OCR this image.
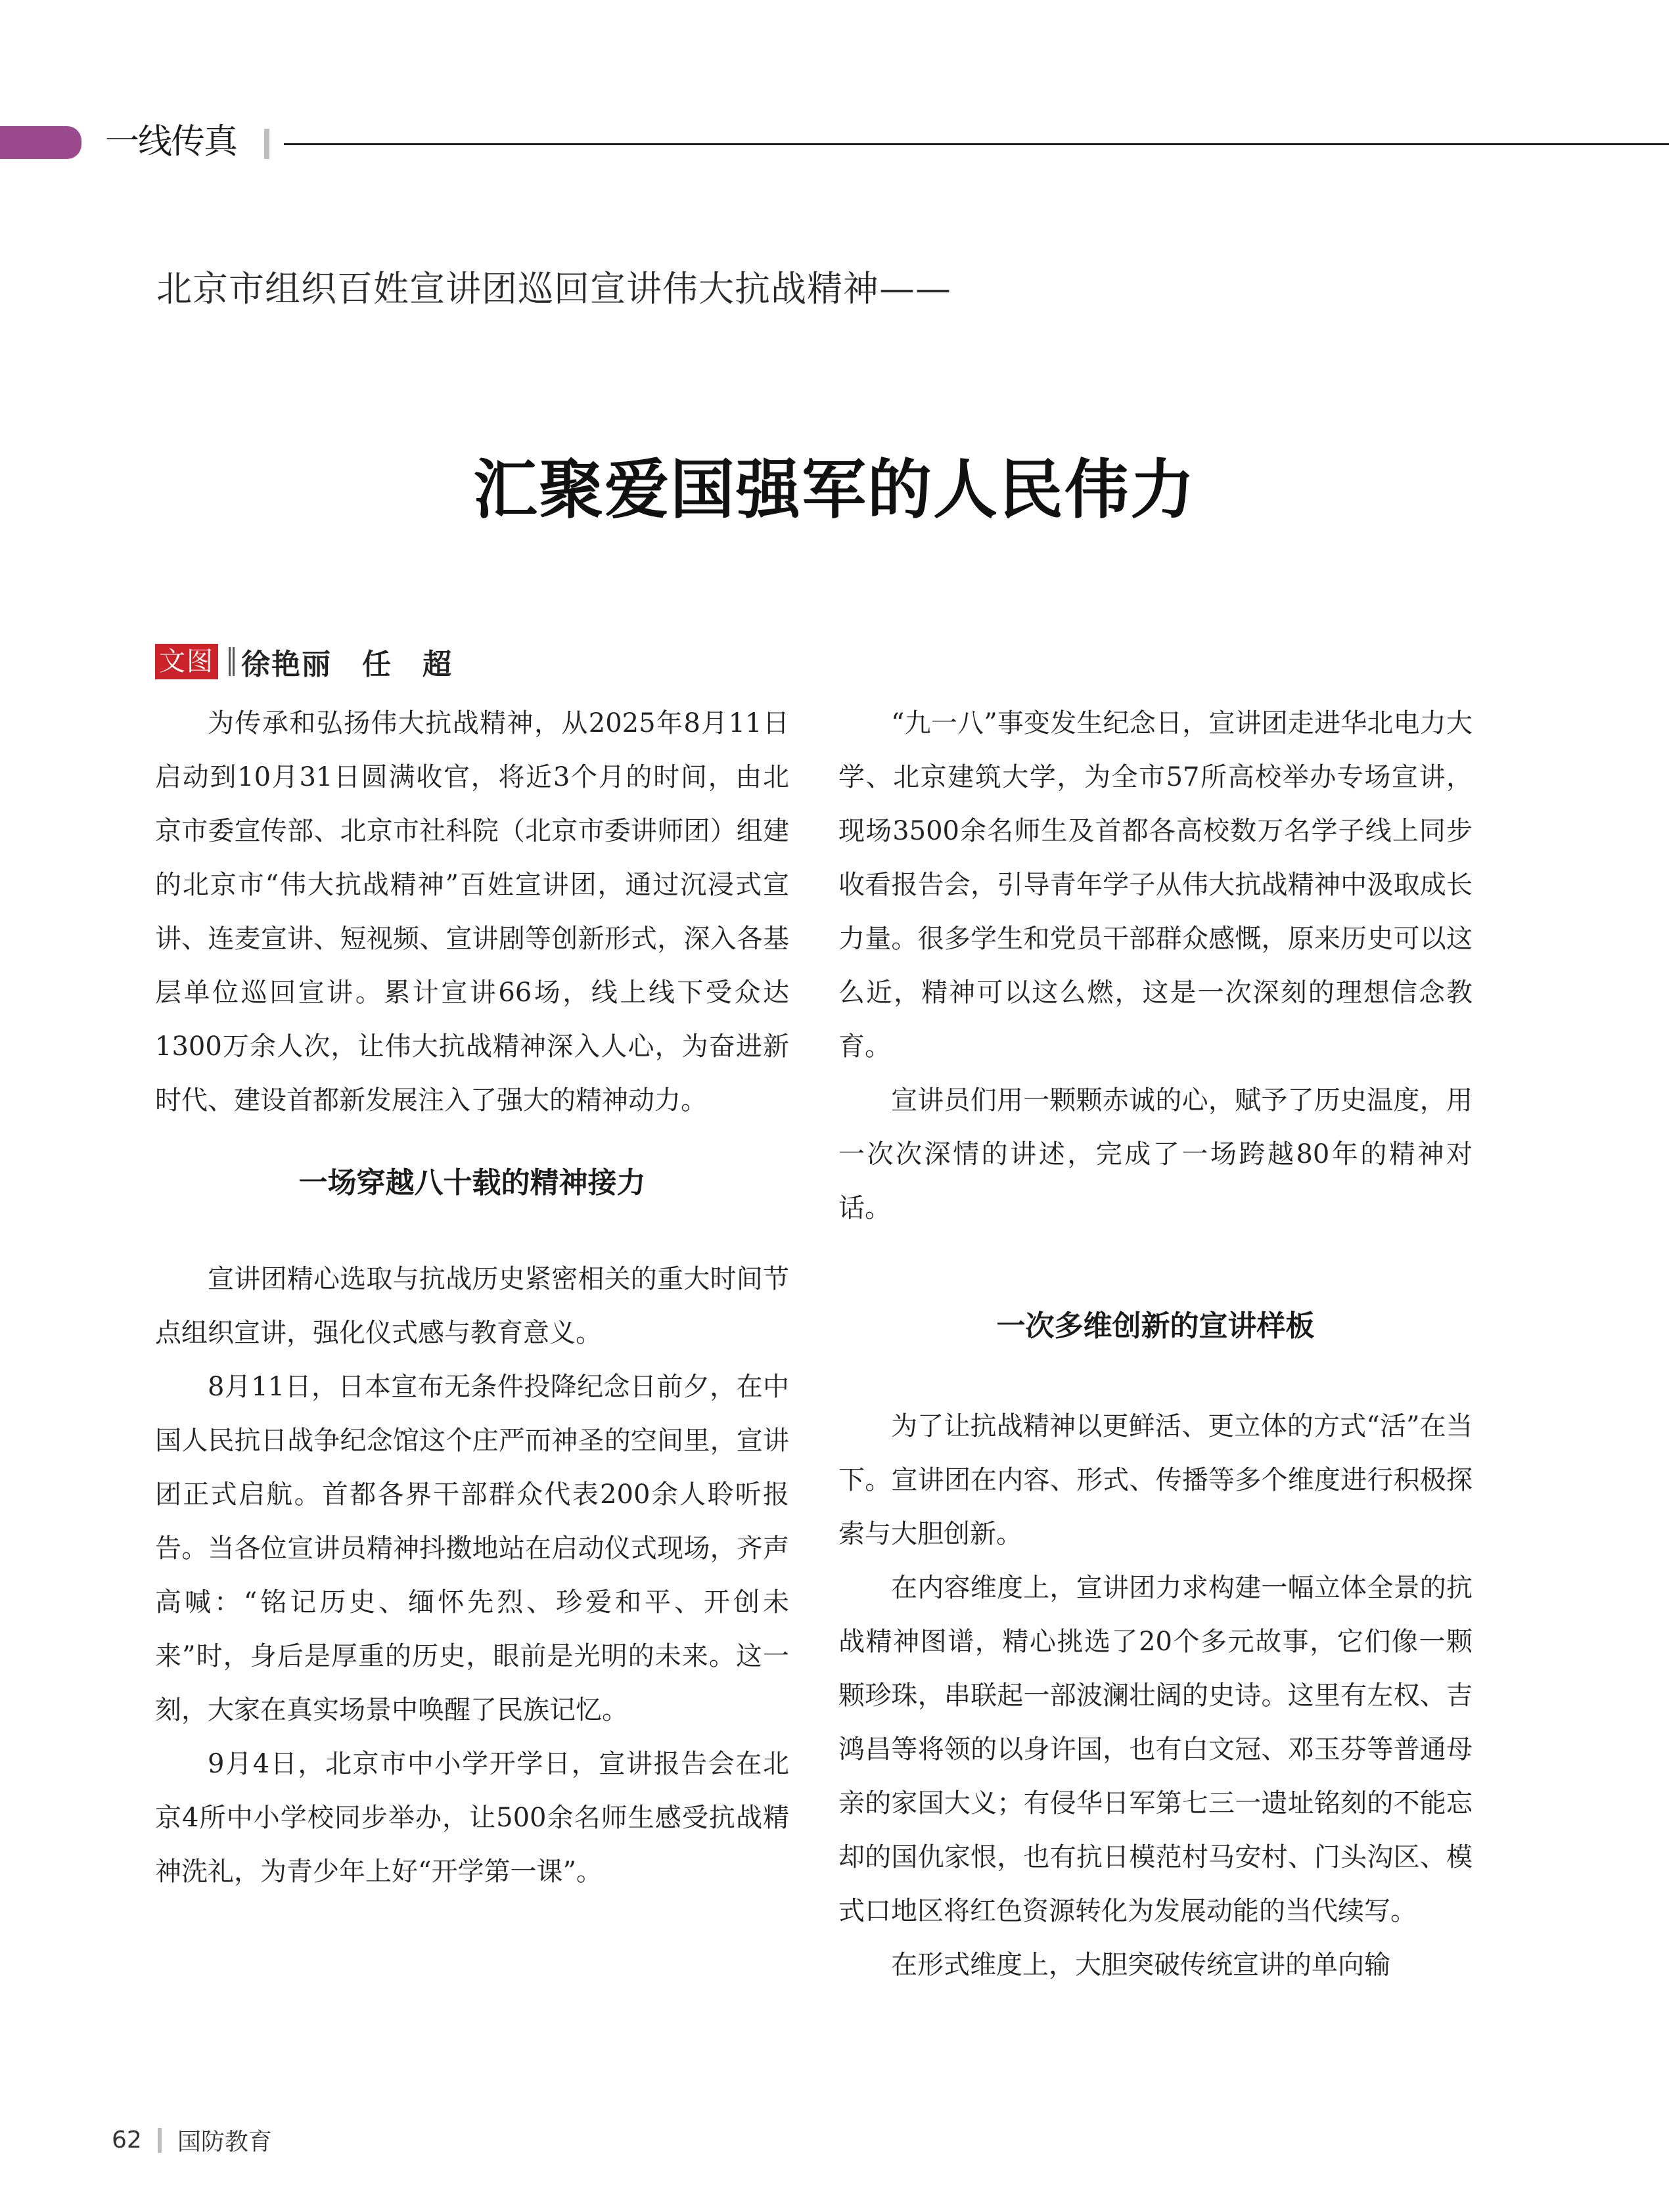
一线传真
北京市组织百姓宣讲团巡回宣讲伟大抗战精神——
汇聚爱国强军的人民伟力
文图 徐艳丽　任　超

为传承和弘扬伟大抗战精神，从2025年8月11日启动到10月31日圆满收官，将近3个月的时间，由北京市委宣传部、北京市社科院（北京市委讲师团）组建的北京市“伟大抗战精神”百姓宣讲团，通过沉浸式宣讲、连麦宣讲、短视频、宣讲剧等创新形式，深入各基层单位巡回宣讲。累计宣讲66场，线上线下受众达1300万余人次，让伟大抗战精神深入人心，为奋进新时代、建设首都新发展注入了强大的精神动力。

一场穿越八十载的精神接力

宣讲团精心选取与抗战历史紧密相关的重大时间节点组织宣讲，强化仪式感与教育意义。

8月11日，日本宣布无条件投降纪念日前夕，在中国人民抗日战争纪念馆这个庄严而神圣的空间里，宣讲团正式启航。首都各界干部群众代表200余人聆听报告。当各位宣讲员精神抖擞地站在启动仪式现场，齐声高喊：“铭记历史、缅怀先烈、珍爱和平、开创未来”时，身后是厚重的历史，眼前是光明的未来。这一刻，大家在真实场景中唤醒了民族记忆。

9月4日，北京市中小学开学日，宣讲报告会在北京4所中小学校同步举办，让500余名师生感受抗战精神洗礼，为青少年上好“开学第一课”。

“九一八”事变发生纪念日，宣讲团走进华北电力大学、北京建筑大学，为全市57所高校举办专场宣讲，现场3500余名师生及首都各高校数万名学子线上同步收看报告会，引导青年学子从伟大抗战精神中汲取成长力量。很多学生和党员干部群众感慨，原来历史可以这么近，精神可以这么燃，这是一次深刻的理想信念教育。

宣讲员们用一颗颗赤诚的心，赋予了历史温度，用一次次深情的讲述，完成了一场跨越80年的精神对话。

一次多维创新的宣讲样板

为了让抗战精神以更鲜活、更立体的方式“活”在当下。宣讲团在内容、形式、传播等多个维度进行积极探索与大胆创新。

在内容维度上，宣讲团力求构建一幅立体全景的抗战精神图谱，精心挑选了20个多元故事，它们像一颗颗珍珠，串联起一部波澜壮阔的史诗。这里有左权、吉鸿昌等将领的以身许国，也有白文冠、邓玉芬等普通母亲的家国大义；有侵华日军第七三一遗址铭刻的不能忘却的国仇家恨，也有抗日模范村马安村、门头沟区、模式口地区将红色资源转化为发展动能的当代续写。

在形式维度上，大胆突破传统宣讲的单向输

62 国防教育
